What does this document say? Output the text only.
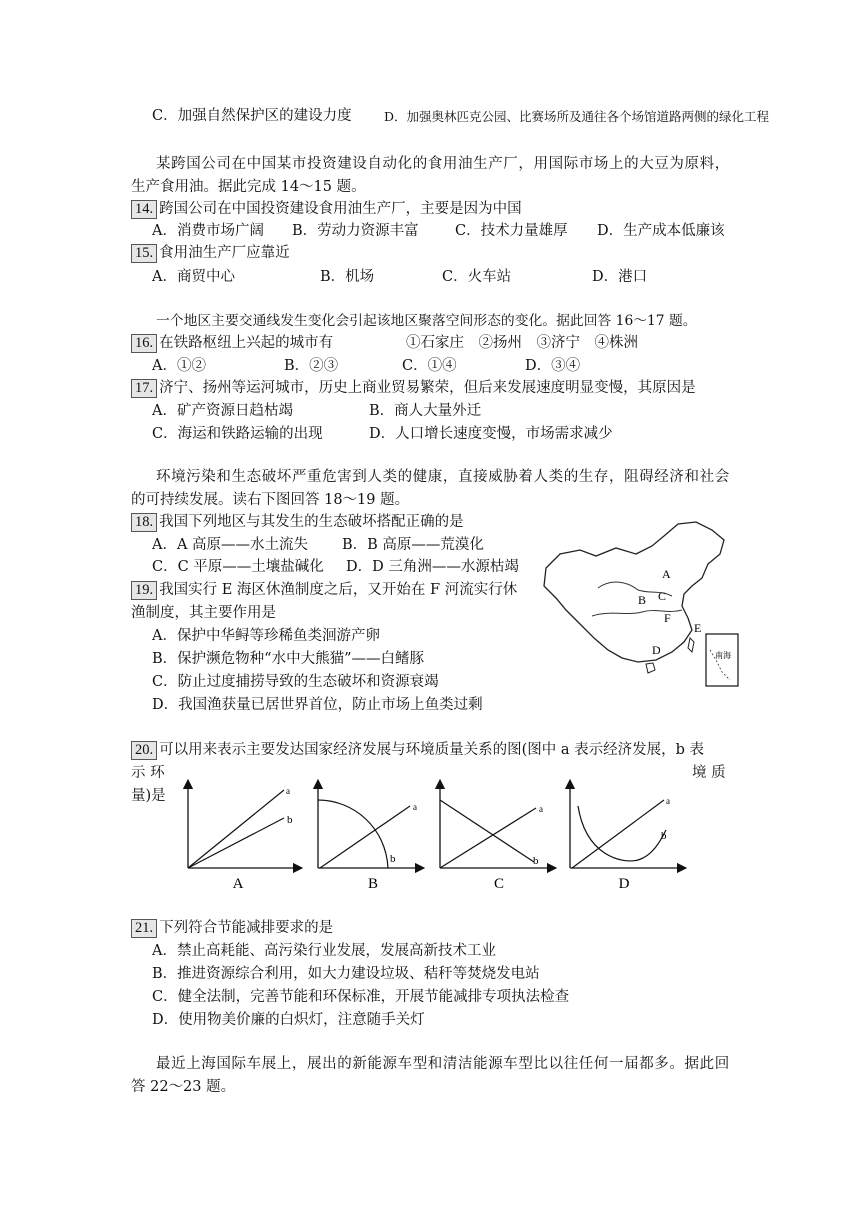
C．加强自然保护区的建设力度	D．加强奥林匹克公园、比赛场所及通往各个场馆道路两侧的绿化工程
某跨国公司在中国某市投资建设自动化的食用油生产厂，用国际市场上的大豆为原料，
生产食用油。据此完成 14～15 题。
14. 跨国公司在中国投资建设食用油生产厂，主要是因为中国
A．消费市场广阔 B．劳动力资源丰富	C．技术力量雄厚 D．生产成本低廉该
15. 食用油生产厂应靠近
A．商贸中心	B．机场	C．火车站	D．港口
一个地区主要交通线发生变化会引起该地区聚落空间形态的变化。据此回答 16～17 题。
16. 在铁路枢纽上兴起的城市有	①石家庄　②扬州　③济宁　④株洲
A．①②	B．②③	C．①④	D．③④
17. 济宁、扬州等运河城市，历史上商业贸易繁荣，但后来发展速度明显变慢，其原因是
A．矿产资源日趋枯竭	B．商人大量外迁
C．海运和铁路运输的出现	D．人口增长速度变慢，市场需求减少
环境污染和生态破坏严重危害到人类的健康，直接威胁着人类的生存，阻碍经济和社会
的可持续发展。读右下图回答 18～19 题。
18. 我国下列地区与其发生的生态破坏搭配正确的是
A．A 高原——水土流失 B．B 高原——荒漠化
C．C 平原——土壤盐碱化 D．D 三角洲——水源枯竭
19. 我国实行 E 海区休渔制度之后，又开始在 F 河流实行休
渔制度，其主要作用是
A．保护中华鲟等珍稀鱼类洄游产卵
B．保护濒危物种“水中大熊猫”——白鳍豚
C．防止过度捕捞导致的生态破坏和资源衰竭
D．我国渔获量已居世界首位，防止市场上鱼类过剩
A
B C
F
E
D	南海
20. 可以用来表示主要发达国家经济发展与环境质量关系的图(图中 a 表示经济发展，b 表
示 环	境 质
量)是	a
b
A
a
b
B
a
b
C
a
b
D
21. 下列符合节能减排要求的是
A．禁止高耗能、高污染行业发展，发展高新技术工业
B．推进资源综合利用，如大力建设垃圾、秸秆等焚烧发电站
C．健全法制，完善节能和环保标准，开展节能减排专项执法检查
D．使用物美价廉的白炽灯，注意随手关灯
最近上海国际车展上，展出的新能源车型和清洁能源车型比以往任何一届都多。据此回
答 22～23 题。
